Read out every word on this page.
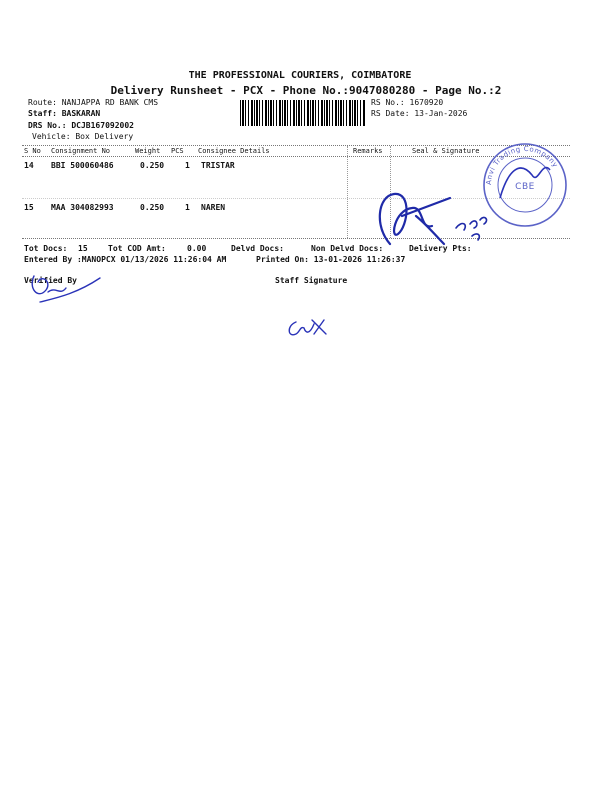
THE PROFESSIONAL COURIERS, COIMBATORE
Delivery Runsheet - PCX - Phone No.:9047080280 - Page No.:2
Route: NANJAPPA RD BANK CMS
Staff: BASKARAN
DRS No.: DCJB167092002
Vehicle: Box Delivery
RS No.: 1670920
RS Date: 13-Jan-2026
S No Consignment No	Weight PCS Consignee Details	Remarks	Seal & Signature
14 BBI 500060486	0.250	1 TRISTAR
15 MAA 304082993	0.250	1 NAREN
Tot Docs: 15	Tot COD Amt:	0.00	Delvd Docs:	Non Delvd Docs:	Delivery Pts:
Entered By :MANOPCX 01/13/2026 11:26:04 AM	Printed On: 13-01-2026 11:26:37
Verified By	Staff Signature
Anvi Trading Company
CBE
